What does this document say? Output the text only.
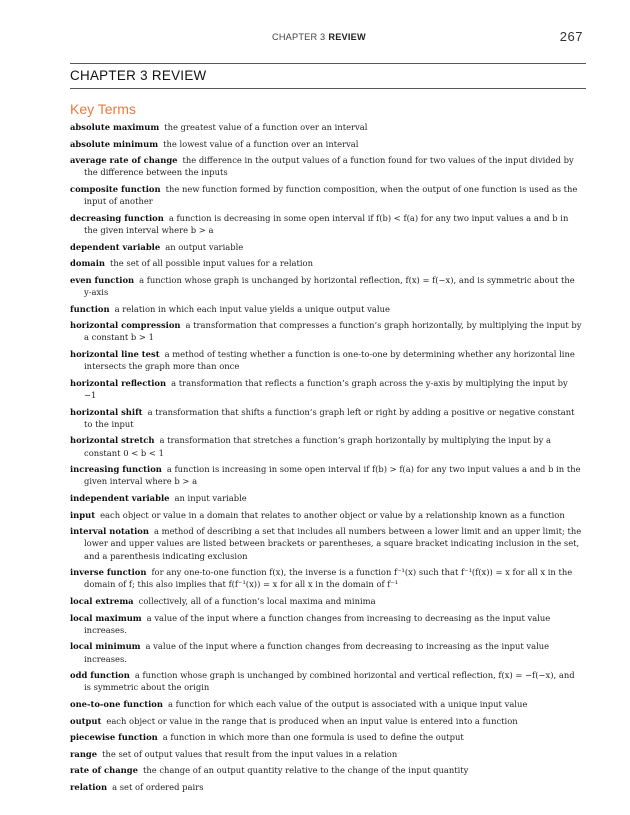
CHAPTER 3 REVIEW	267
CHAPTER 3 REVIEW
Key Terms
absolute maximum the greatest value of a function over an interval
absolute minimum the lowest value of a function over an interval
average rate of change the difference in the output values of a function found for two values of the input divided by the difference between the inputs
composite function the new function formed by function composition, when the output of one function is used as the input of another
decreasing function a function is decreasing in some open interval if f(b) < f(a) for any two input values a and b in the given interval where b > a
dependent variable an output variable
domain the set of all possible input values for a relation
even function a function whose graph is unchanged by horizontal reflection, f(x) = f(−x), and is symmetric about the y-axis
function a relation in which each input value yields a unique output value
horizontal compression a transformation that compresses a function’s graph horizontally, by multiplying the input by a constant b > 1
horizontal line test a method of testing whether a function is one-to-one by determining whether any horizontal line intersects the graph more than once
horizontal reflection a transformation that reflects a function’s graph across the y-axis by multiplying the input by −1
horizontal shift a transformation that shifts a function’s graph left or right by adding a positive or negative constant to the input
horizontal stretch a transformation that stretches a function’s graph horizontally by multiplying the input by a constant 0 < b < 1
increasing function a function is increasing in some open interval if f(b) > f(a) for any two input values a and b in the given interval where b > a
independent variable an input variable
input each object or value in a domain that relates to another object or value by a relationship known as a function
interval notation a method of describing a set that includes all numbers between a lower limit and an upper limit; the lower and upper values are listed between brackets or parentheses, a square bracket indicating inclusion in the set, and a parenthesis indicating exclusion
inverse function for any one-to-one function f(x), the inverse is a function f⁻¹(x) such that f⁻¹(f(x)) = x for all x in the domain of f; this also implies that f(f⁻¹(x)) = x for all x in the domain of f⁻¹
local extrema collectively, all of a function’s local maxima and minima
local maximum a value of the input where a function changes from increasing to decreasing as the input value increases.
local minimum a value of the input where a function changes from decreasing to increasing as the input value increases.
odd function a function whose graph is unchanged by combined horizontal and vertical reflection, f(x) = −f(−x), and is symmetric about the origin
one-to-one function a function for which each value of the output is associated with a unique input value
output each object or value in the range that is produced when an input value is entered into a function
piecewise function a function in which more than one formula is used to define the output
range the set of output values that result from the input values in a relation
rate of change the change of an output quantity relative to the change of the input quantity
relation a set of ordered pairs
